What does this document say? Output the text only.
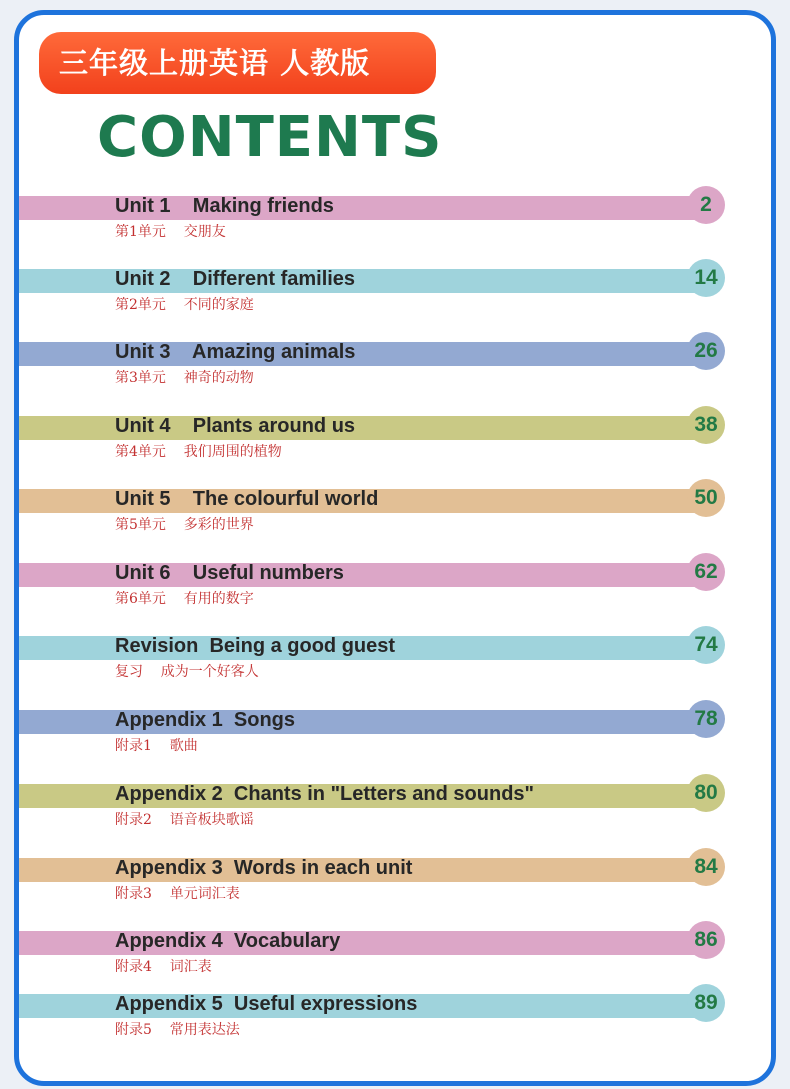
三年级上册英语 人教版
CONTENTS
Unit 1    Making friends
第1单元    交朋友
2
Unit 2    Different families
第2单元    不同的家庭
14
Unit 3    Amazing animals
第3单元    神奇的动物
26
Unit 4    Plants around us
第4单元    我们周围的植物
38
Unit 5    The colourful world
第5单元    多彩的世界
50
Unit 6    Useful numbers
第6单元    有用的数字
62
Revision  Being a good guest
复习    成为一个好客人
74
Appendix 1  Songs
附录1    歌曲
78
Appendix 2  Chants in "Letters and sounds"
附录2    语音板块歌谣
80
Appendix 3  Words in each unit
附录3    单元词汇表
84
Appendix 4  Vocabulary
附录4    词汇表
86
Appendix 5  Useful expressions
附录5    常用表达法
89
